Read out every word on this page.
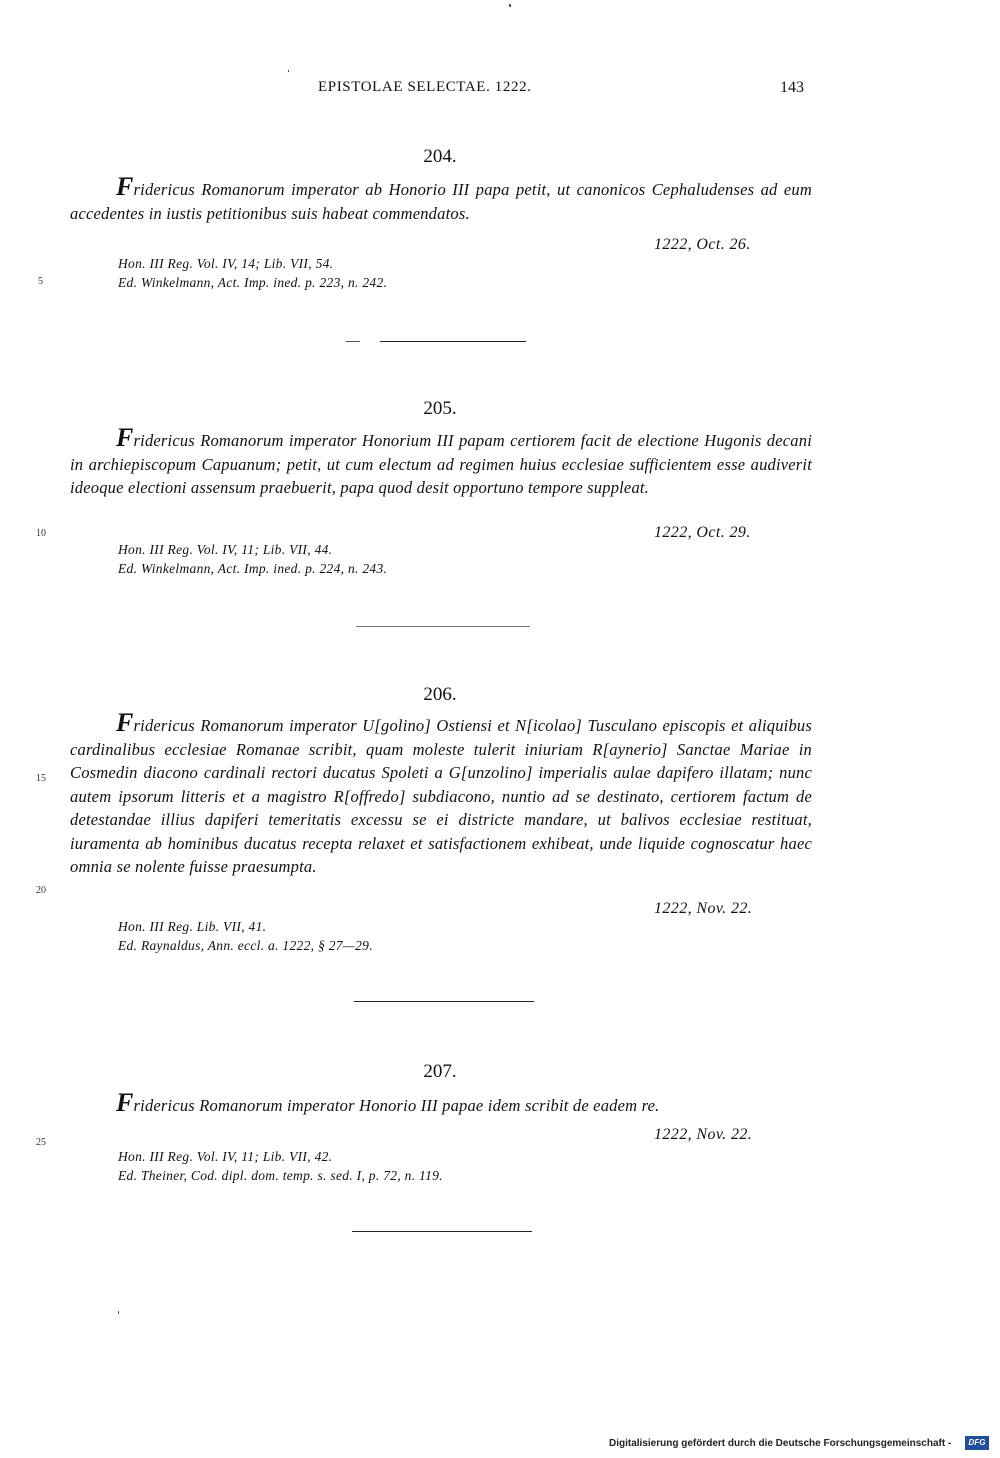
EPISTOLAE SELECTAE. 1222.	143
204.
Fridericus Romanorum imperator ab Honorio III papa petit, ut canonicos Cephaludenses ad eum accedentes in iustis petitionibus suis habeat commendatos.
1222, Oct. 26.
Hon. III Reg. Vol. IV, 14; Lib. VII, 54.
Ed. Winkelmann, Act. Imp. ined. p. 223, n. 242.
205.
Fridericus Romanorum imperator Honorium III papam certiorem facit de electione Hugonis decani in archiepiscopum Capuanum; petit, ut cum electum ad regimen huius ecclesiae sufficientem esse audiverit ideoque electioni assensum praebuerit, papa quod desit opportuno tempore suppleat.
1222, Oct. 29.
Hon. III Reg. Vol. IV, 11; Lib. VII, 44.
Ed. Winkelmann, Act. Imp. ined. p. 224, n. 243.
206.
Fridericus Romanorum imperator U[golino] Ostiensi et N[icolao] Tusculano episcopis et aliquibus cardinalibus ecclesiae Romanae scribit, quam moleste tulerit iniuriam R[aynerio] Sanctae Mariae in Cosmedin diacono cardinali rectori ducatus Spoleti a G[unzolino] imperialis aulae dapifero illatam; nunc autem ipsorum litteris et a magistro R[offredo] subdiacono, nuntio ad se destinato, certiorem factum de detestandae illius dapiferi temeritatis excessu se ei districte mandare, ut balivos ecclesiae restituat, iuramenta ab hominibus ducatus recepta relaxet et satisfactionem exhibeat, unde liquide cognoscatur haec omnia se nolente fuisse praesumpta.
1222, Nov. 22.
Hon. III Reg. Lib. VII, 41.
Ed. Raynaldus, Ann. eccl. a. 1222, § 27—29.
207.
Fridericus Romanorum imperator Honorio III papae idem scribit de eadem re.
1222, Nov. 22.
Hon. III Reg. Vol. IV, 11; Lib. VII, 42.
Ed. Theiner, Cod. dipl. dom. temp. s. sed. I, p. 72, n. 119.
5
10
15
20
25
Digitalisierung gefördert durch die Deutsche Forschungsgemeinschaft -	DFG
